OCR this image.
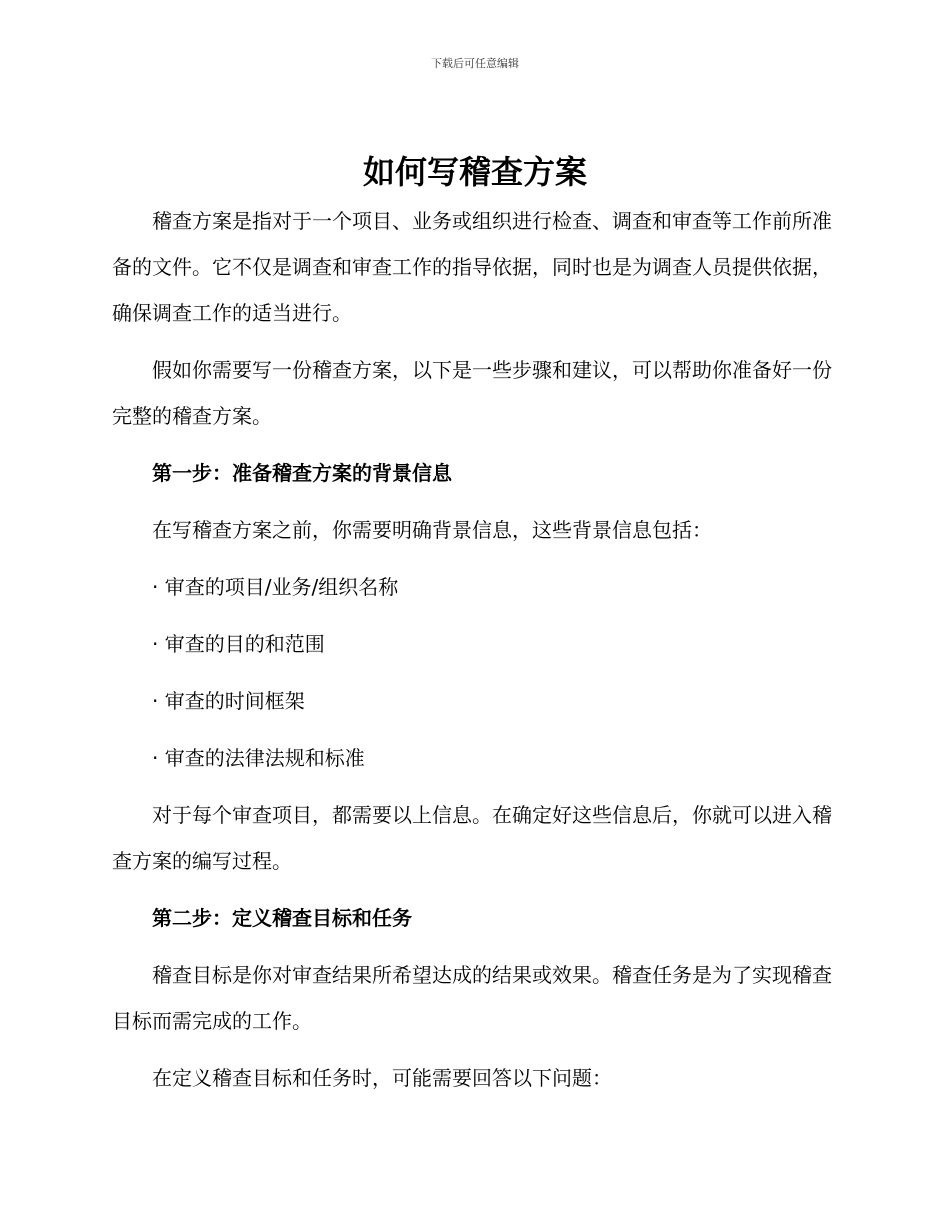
下载后可任意编辑
如何写稽查方案

稽查方案是指对于一个项目、业务或组织进行检查、调查和审查等工作前所准备的文件。它不仅是调查和审查工作的指导依据，同时也是为调查人员提供依据，确保调查工作的适当进行。

假如你需要写一份稽查方案，以下是一些步骤和建议，可以帮助你准备好一份完整的稽查方案。

第一步：准备稽查方案的背景信息

在写稽查方案之前，你需要明确背景信息，这些背景信息包括：

· 审查的项目/业务/组织名称

· 审查的目的和范围

· 审查的时间框架

· 审查的法律法规和标准

对于每个审查项目，都需要以上信息。在确定好这些信息后，你就可以进入稽查方案的编写过程。

第二步：定义稽查目标和任务

稽查目标是你对审查结果所希望达成的结果或效果。稽查任务是为了实现稽查目标而需完成的工作。

在定义稽查目标和任务时，可能需要回答以下问题：
